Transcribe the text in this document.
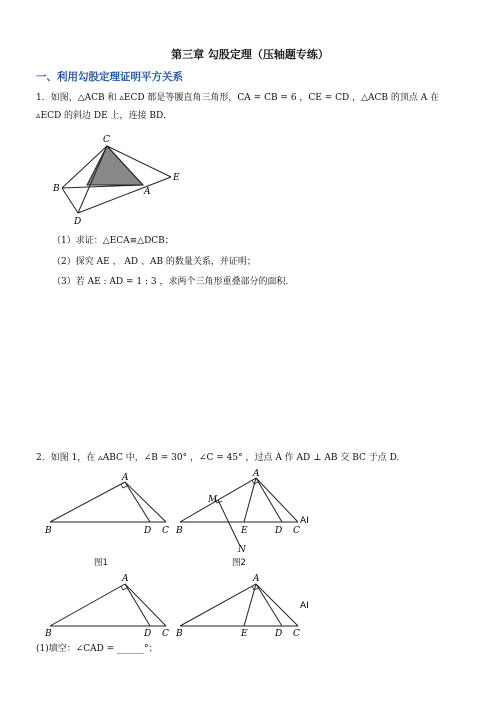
第三章 勾股定理（压轴题专练）
一、利用勾股定理证明平方关系
1．如图，△ACB 和 ▵ECD 都是等腰直角三角形，CA = CB = 6 ，CE = CD ，△ACB 的顶点 A 在
▵ECD 的斜边 DE 上，连接 BD．
C
B	A
E
D
（1）求证：△ECA≌△DCB；
（2）探究 AE 、 AD 、AB 的数量关系，并证明；
（3）若 AE : AD = 1 : 3 ，求两个三角形重叠部分的面积.
2．如图 1，在 ▵ABC 中，∠B = 30° ，∠C = 45° ，过点 A 作 AD ⊥ AB 交 BC 于点 D.
A
B	D C
图1
A
M
B	E	D C
N
AI
图2
A
B	D C
A
B	E	D C
AI
(1)填空：∠CAD = ______°；
